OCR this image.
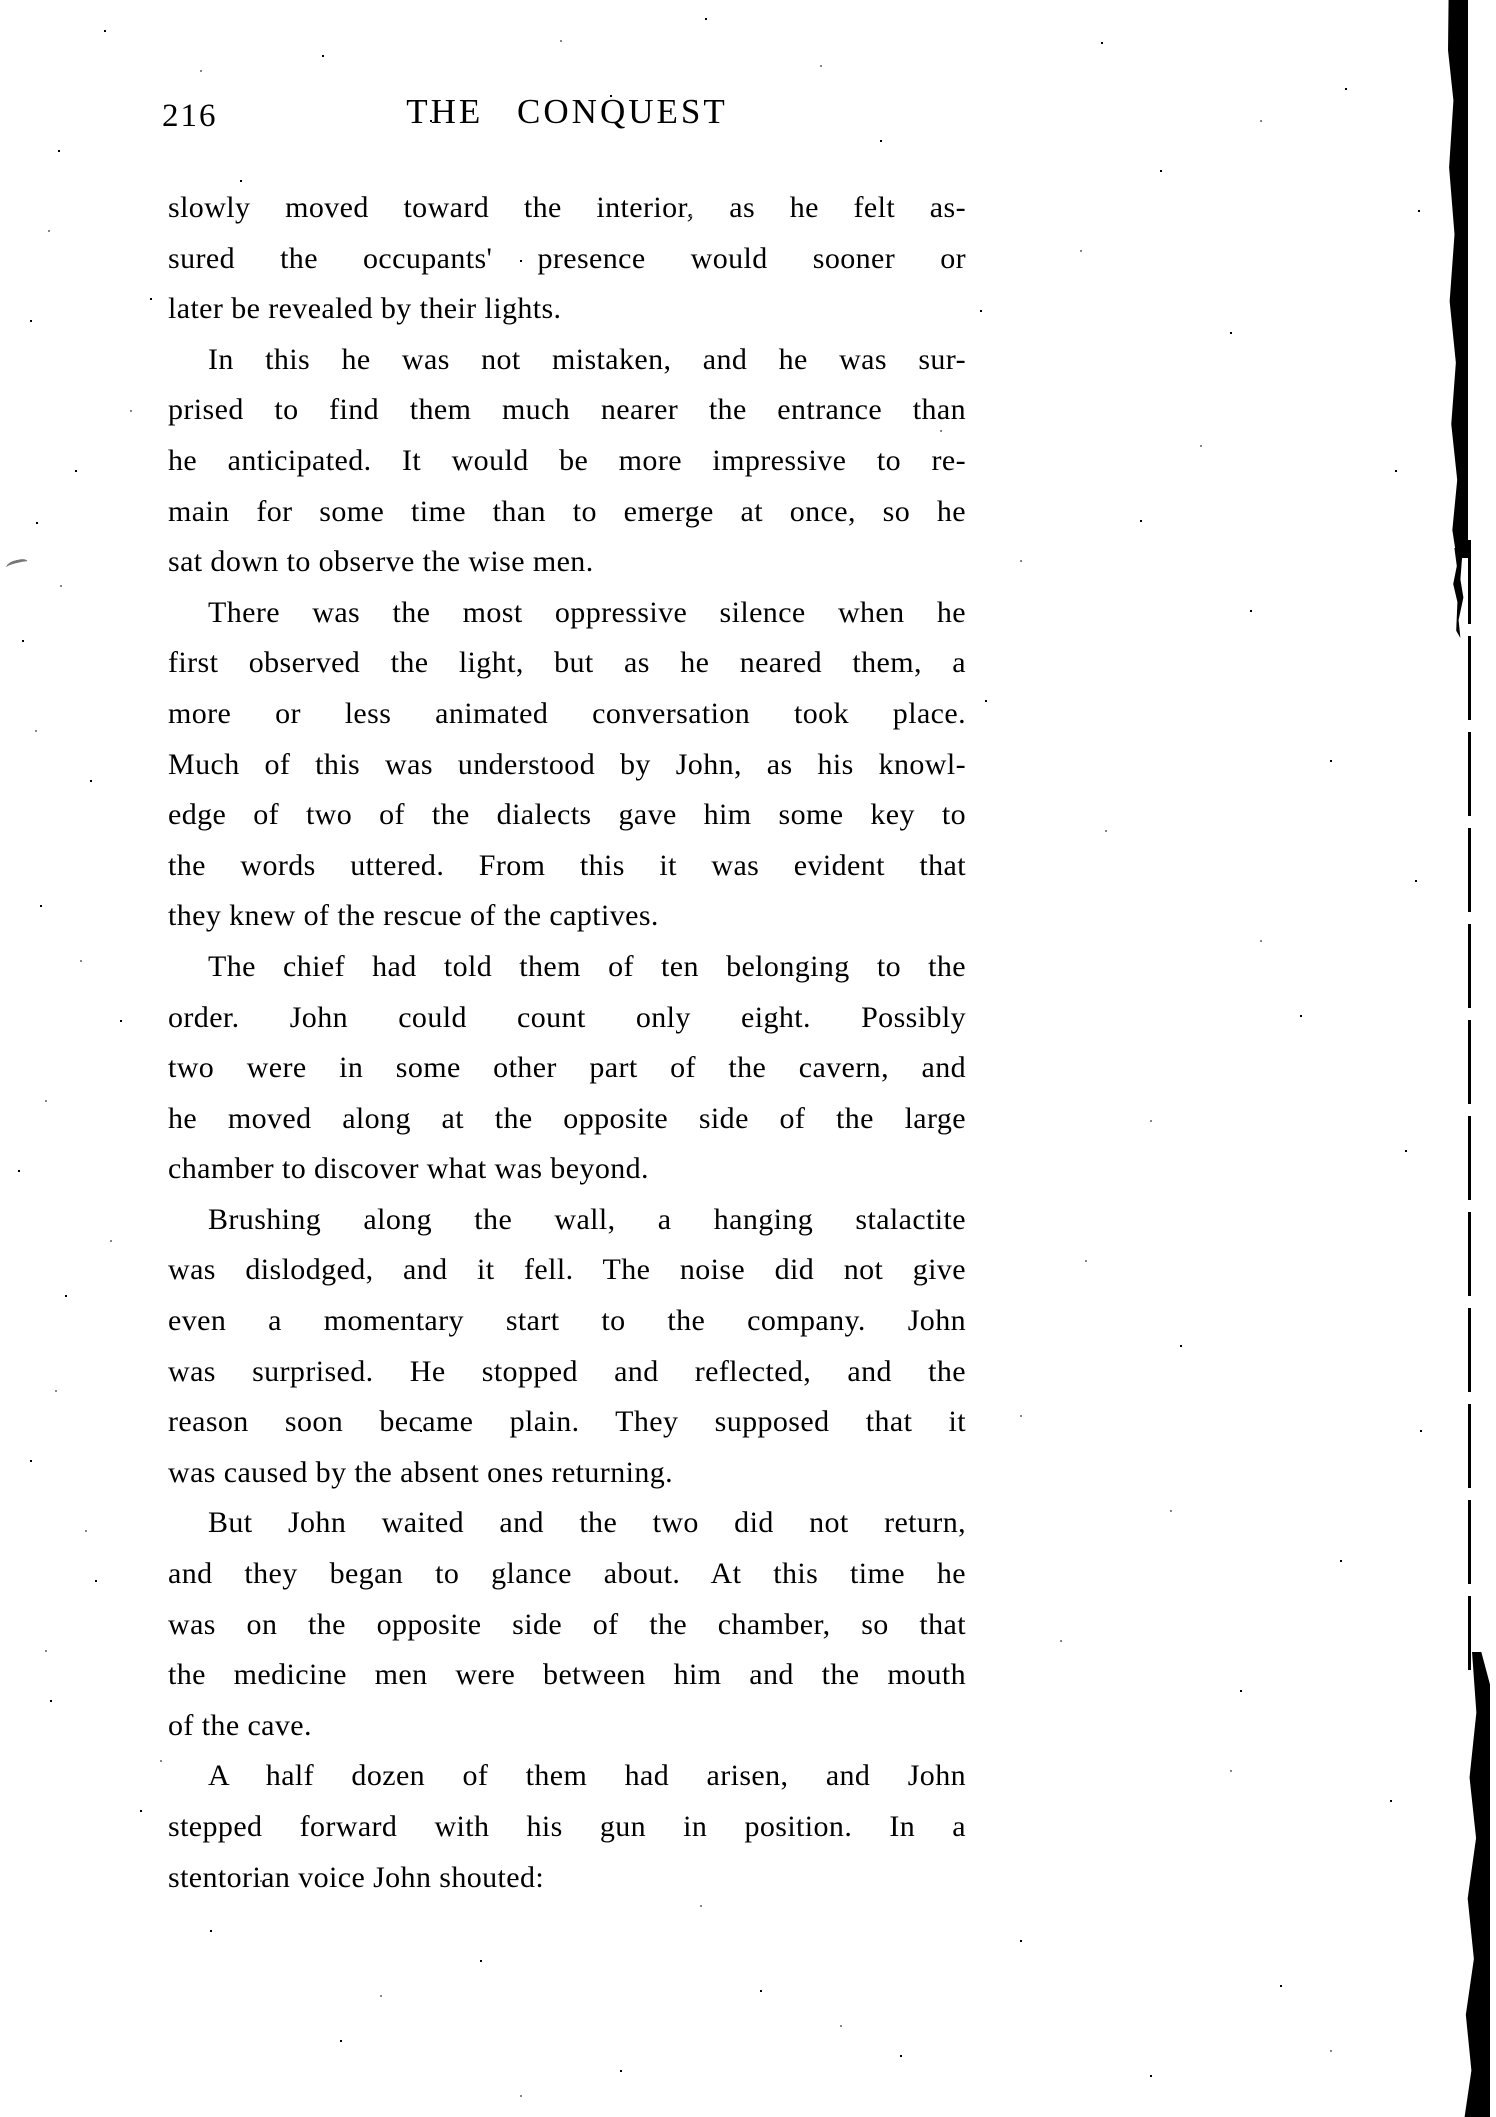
216	THE CONQUEST
slowly moved toward the interior, as he felt as-
sured the occupants' presence would sooner or
later be revealed by their lights.
In this he was not mistaken, and he was sur-
prised to find them much nearer the entrance than
he anticipated. It would be more impressive to re-
main for some time than to emerge at once, so he
sat down to observe the wise men.
There was the most oppressive silence when he
first observed the light, but as he neared them, a
more or less animated conversation took place.
Much of this was understood by John, as his knowl-
edge of two of the dialects gave him some key to
the words uttered. From this it was evident that
they knew of the rescue of the captives.
The chief had told them of ten belonging to the
order. John could count only eight. Possibly
two were in some other part of the cavern, and
he moved along at the opposite side of the large
chamber to discover what was beyond.
Brushing along the wall, a hanging stalactite
was dislodged, and it fell. The noise did not give
even a momentary start to the company. John
was surprised. He stopped and reflected, and the
reason soon became plain. They supposed that it
was caused by the absent ones returning.
But John waited and the two did not return,
and they began to glance about. At this time he
was on the opposite side of the chamber, so that
the medicine men were between him and the mouth
of the cave.
A half dozen of them had arisen, and John
stepped forward with his gun in position. In a
stentorian voice John shouted:
